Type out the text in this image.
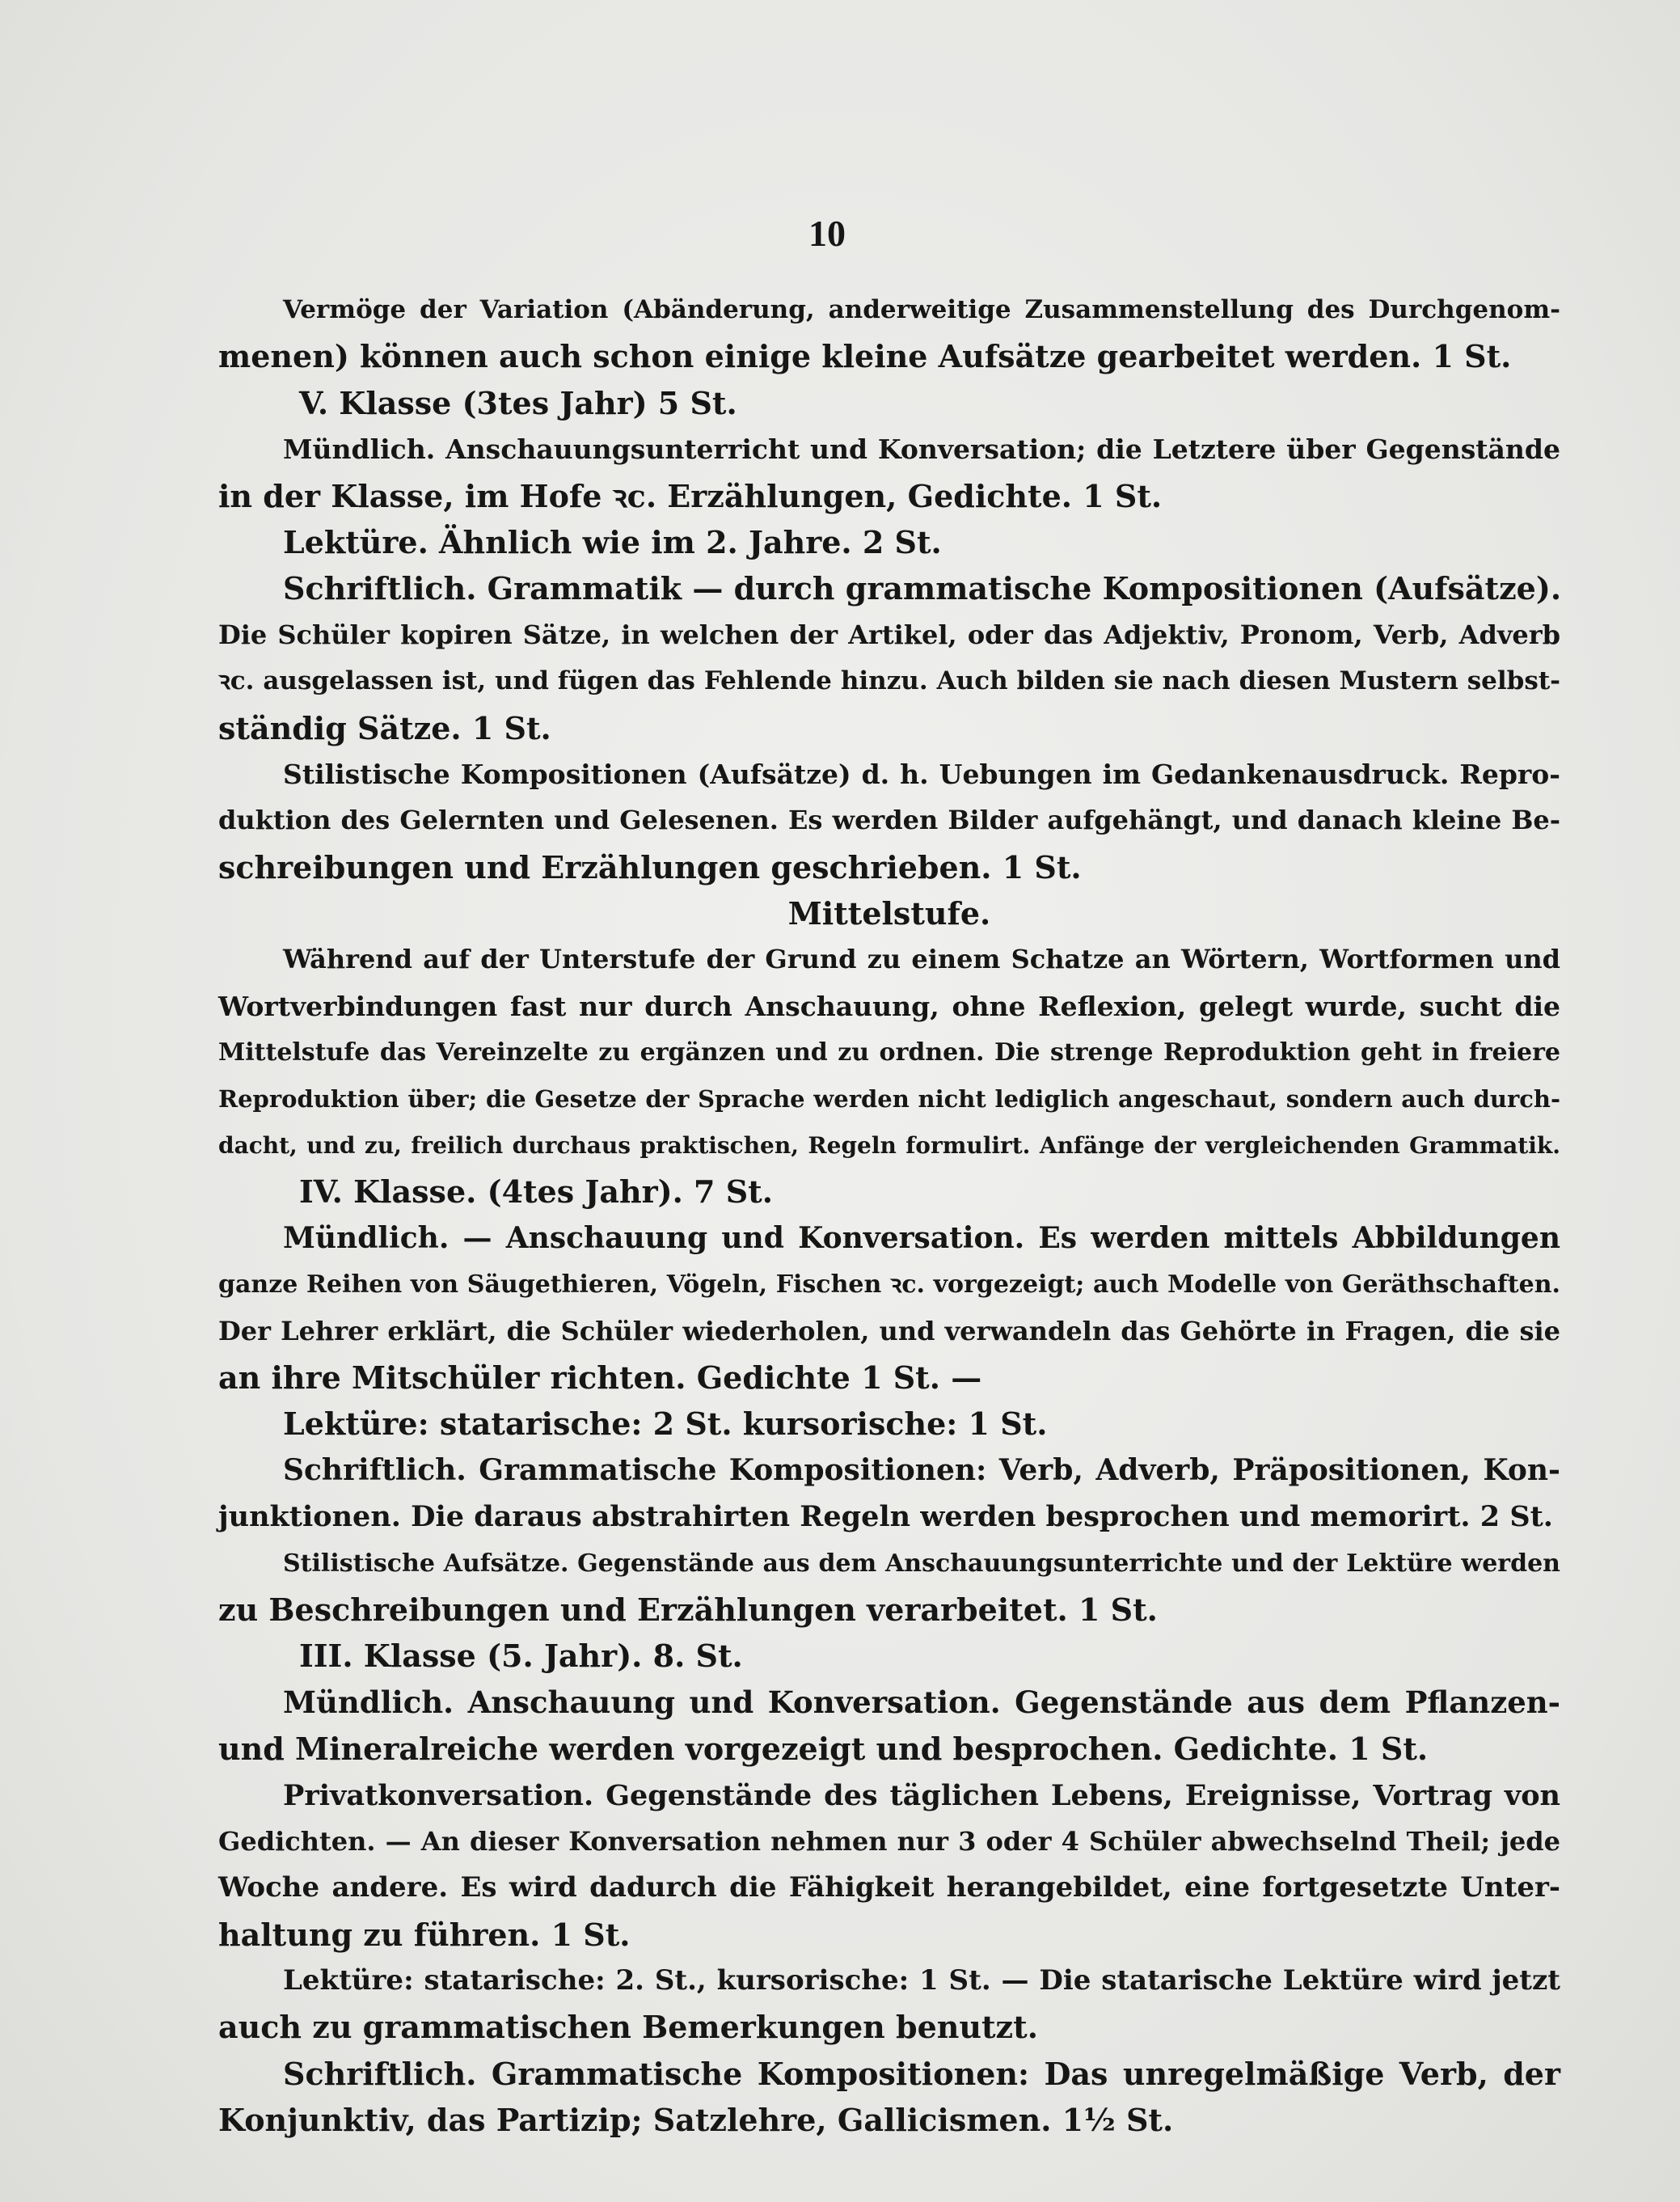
10
Vermöge der Variation (Abänderung, anderweitige Zusammenstellung des Durchgenom-
menen) können auch schon einige kleine Aufsätze gearbeitet werden. 1 St.
V. Klasse (3tes Jahr) 5 St.
Mündlich. Anschauungsunterricht und Konversation; die Letztere über Gegenstände
in der Klasse, im Hofe ꝛc. Erzählungen, Gedichte. 1 St.
Lektüre. Ähnlich wie im 2. Jahre. 2 St.
Schriftlich. Grammatik — durch grammatische Kompositionen (Aufsätze).
Die Schüler kopiren Sätze, in welchen der Artikel, oder das Adjektiv, Pronom, Verb, Adverb
ꝛc. ausgelassen ist, und fügen das Fehlende hinzu. Auch bilden sie nach diesen Mustern selbst-
ständig Sätze. 1 St.
Stilistische Kompositionen (Aufsätze) d. h. Uebungen im Gedankenausdruck. Repro-
duktion des Gelernten und Gelesenen. Es werden Bilder aufgehängt, und danach kleine Be-
schreibungen und Erzählungen geschrieben. 1 St.
Mittelstufe.
Während auf der Unterstufe der Grund zu einem Schatze an Wörtern, Wortformen und
Wortverbindungen fast nur durch Anschauung, ohne Reflexion, gelegt wurde, sucht die
Mittelstufe das Vereinzelte zu ergänzen und zu ordnen. Die strenge Reproduktion geht in freiere
Reproduktion über; die Gesetze der Sprache werden nicht lediglich angeschaut, sondern auch durch-
dacht, und zu, freilich durchaus praktischen, Regeln formulirt. Anfänge der vergleichenden Grammatik.
IV. Klasse. (4tes Jahr). 7 St.
Mündlich. — Anschauung und Konversation. Es werden mittels Abbildungen
ganze Reihen von Säugethieren, Vögeln, Fischen ꝛc. vorgezeigt; auch Modelle von Geräthschaften.
Der Lehrer erklärt, die Schüler wiederholen, und verwandeln das Gehörte in Fragen, die sie
an ihre Mitschüler richten. Gedichte 1 St. —
Lektüre: statarische: 2 St. kursorische: 1 St.
Schriftlich. Grammatische Kompositionen: Verb, Adverb, Präpositionen, Kon-
junktionen. Die daraus abstrahirten Regeln werden besprochen und memorirt. 2 St.
Stilistische Aufsätze. Gegenstände aus dem Anschauungsunterrichte und der Lektüre werden
zu Beschreibungen und Erzählungen verarbeitet. 1 St.
III. Klasse (5. Jahr). 8. St.
Mündlich. Anschauung und Konversation. Gegenstände aus dem Pflanzen-
und Mineralreiche werden vorgezeigt und besprochen. Gedichte. 1 St.
Privatkonversation. Gegenstände des täglichen Lebens, Ereignisse, Vortrag von
Gedichten. — An dieser Konversation nehmen nur 3 oder 4 Schüler abwechselnd Theil; jede
Woche andere. Es wird dadurch die Fähigkeit herangebildet, eine fortgesetzte Unter-
haltung zu führen. 1 St.
Lektüre: statarische: 2. St., kursorische: 1 St. — Die statarische Lektüre wird jetzt
auch zu grammatischen Bemerkungen benutzt.
Schriftlich. Grammatische Kompositionen: Das unregelmäßige Verb, der
Konjunktiv, das Partizip; Satzlehre, Gallicismen. 1½ St.
